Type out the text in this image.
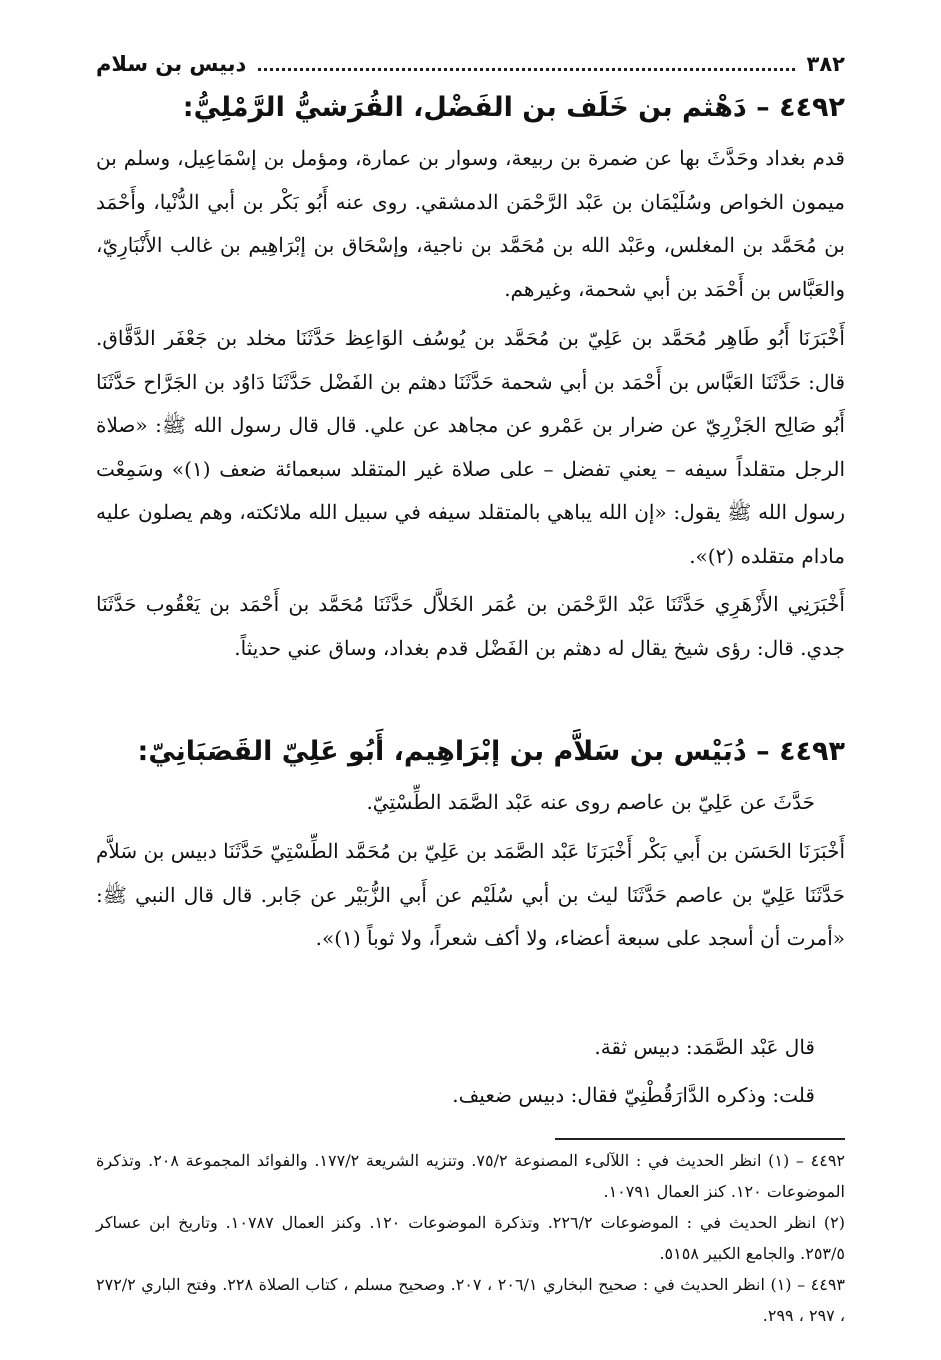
٣٨٢
دبيس بن سلام
٤٤٩٢ – دَهْثم بن خَلَف بن الفَضْل، القُرَشيُّ الرَّمْلِيُّ:
قدم بغداد وحَدَّثَ بها عن ضمرة بن ربيعة، وسوار بن عمارة، ومؤمل بن إسْمَاعِيل، وسلم بن ميمون الخواص وسُلَيْمَان بن عَبْد الرَّحْمَن الدمشقي. روى عنه أَبُو بَكْر بن أبي الدُّنْيا، وأَحْمَد بن مُحَمَّد بن المغلس، وعَبْد الله بن مُحَمَّد بن ناجية، وإسْحَاق بن إبْرَاهِيم بن غالب الأَنْبَارِيّ، والعَبَّاس بن أَحْمَد بن أبي شحمة، وغيرهم.
أَخْبَرَنَا أَبُو طَاهِر مُحَمَّد بن عَلِيّ بن مُحَمَّد بن يُوسُف الوَاعِظ حَدَّثَنَا مخلد بن جَعْفَر الدَّقَّاق. قال: حَدَّثَنَا العَبَّاس بن أَحْمَد بن أبي شحمة حَدَّثَنَا دهثم بن الفَضْل حَدَّثَنَا دَاوُد بن الجَرَّاح حَدَّثَنَا أَبُو صَالِح الجَزْرِيّ عن ضرار بن عَمْرو عن مجاهد عن علي. قال قال رسول الله ﷺ: «صلاة الرجل متقلداً سيفه – يعني تفضل – على صلاة غير المتقلد سبعمائة ضعف (١)» وسَمِعْت رسول الله ﷺ يقول: «إن الله يباهي بالمتقلد سيفه في سبيل الله ملائكته، وهم يصلون عليه مادام متقلده (٢)».
أَخْبَرَنِي الأَزْهَرِي حَدَّثَنَا عَبْد الرَّحْمَن بن عُمَر الخَلاَّل حَدَّثَنَا مُحَمَّد بن أَحْمَد بن يَعْقُوب حَدَّثَنَا جدي. قال: رؤى شيخ يقال له دهثم بن الفَضْل قدم بغداد، وساق عني حديثاً.
٤٤٩٣ – دُبَيْس بن سَلاَّم بن إبْرَاهِيم، أَبُو عَلِيّ القَصَبَانِيّ:
حَدَّثَ عن عَلِيّ بن عاصم روى عنه عَبْد الصَّمَد الطِّسْتِيّ.
أَخْبَرَنَا الحَسَن بن أَبي بَكْر أَخْبَرَنَا عَبْد الصَّمَد بن عَلِيّ بن مُحَمَّد الطِّسْتِيّ حَدَّثَنَا دبيس بن سَلاَّم حَدَّثَنَا عَلِيّ بن عاصم حَدَّثَنَا ليث بن أبي سُلَيْم عن أَبي الزُّبَيْر عن جَابر. قال قال النبي ﷺ: «أمرت أن أسجد على سبعة أعضاء، ولا أكف شعراً، ولا ثوباً (١)».
قال عَبْد الصَّمَد: دبيس ثقة.
قلت: وذكره الدَّارَقُطْنِيّ فقال: دبيس ضعيف.
٤٤٩٢ – (١) انظر الحديث في : اللآلىء المصنوعة ٧٥/٢. وتنزيه الشريعة ١٧٧/٢. والفوائد المجموعة ٢٠٨. وتذكرة الموضوعات ١٢٠. كنز العمال ١٠٧٩١.
(٢) انظر الحديث في : الموضوعات ٢٢٦/٢. وتذكرة الموضوعات ١٢٠. وكنز العمال ١٠٧٨٧. وتاريخ ابن عساكر ٢٥٣/٥. والجامع الكبير ٥١٥٨.
٤٤٩٣ – (١) انظر الحديث في : صحيح البخاري ٢٠٦/١ ، ٢٠٧. وصحيح مسلم ، كتاب الصلاة ٢٢٨. وفتح الباري ٢٧٢/٢ ، ٢٩٧ ، ٢٩٩.
